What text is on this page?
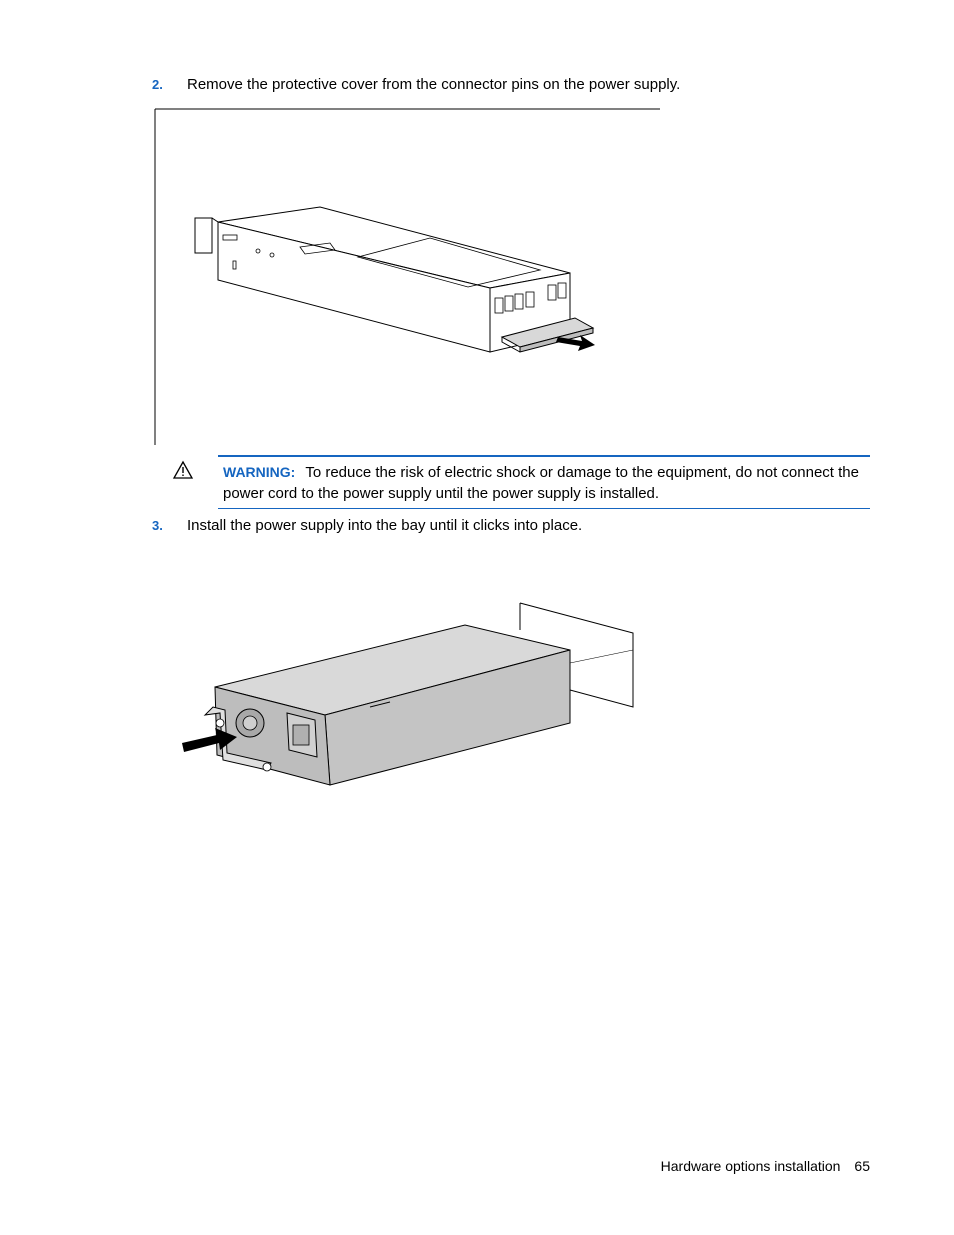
2. Remove the protective cover from the connector pins on the power supply.
WARNING: To reduce the risk of electric shock or damage to the equipment, do not connect the power cord to the power supply until the power supply is installed.
3. Install the power supply into the bay until it clicks into place.
Hardware options installation 65
